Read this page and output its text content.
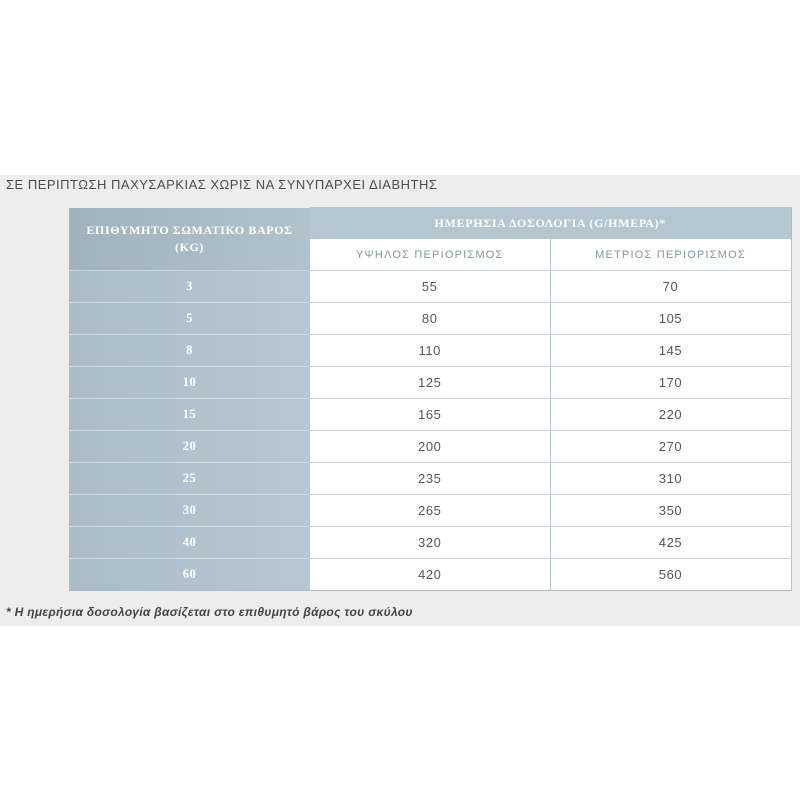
ΣΕ ΠΕΡΙΠΤΩΣΗ ΠΑΧΥΣΑΡΚΙΑΣ ΧΩΡΙΣ ΝΑ ΣΥΝΥΠΑΡΧΕΙ ΔΙΑΒΗΤΗΣ
ΕΠΙΘΥΜΗΤΟ ΣΩΜΑΤΙΚΟ ΒΑΡΟΣ
(KG)	ΗΜΕΡΗΣΙΑ ΔΟΣΟΛΟΓΙΑ (G/ΗΜΕΡΑ)*	
	ΥΨΗΛΟΣ ΠΕΡΙΟΡΙΣΜΟΣ	ΜΕΤΡΙΟΣ ΠΕΡΙΟΡΙΣΜΟΣ
3	55	70
5	80	105
8	110	145
10	125	170
15	165	220
20	200	270
25	235	310
30	265	350
40	320	425
60	420	560
* Η ημερήσια δοσολογία βασίζεται στο επιθυμητό βάρος του σκύλου
